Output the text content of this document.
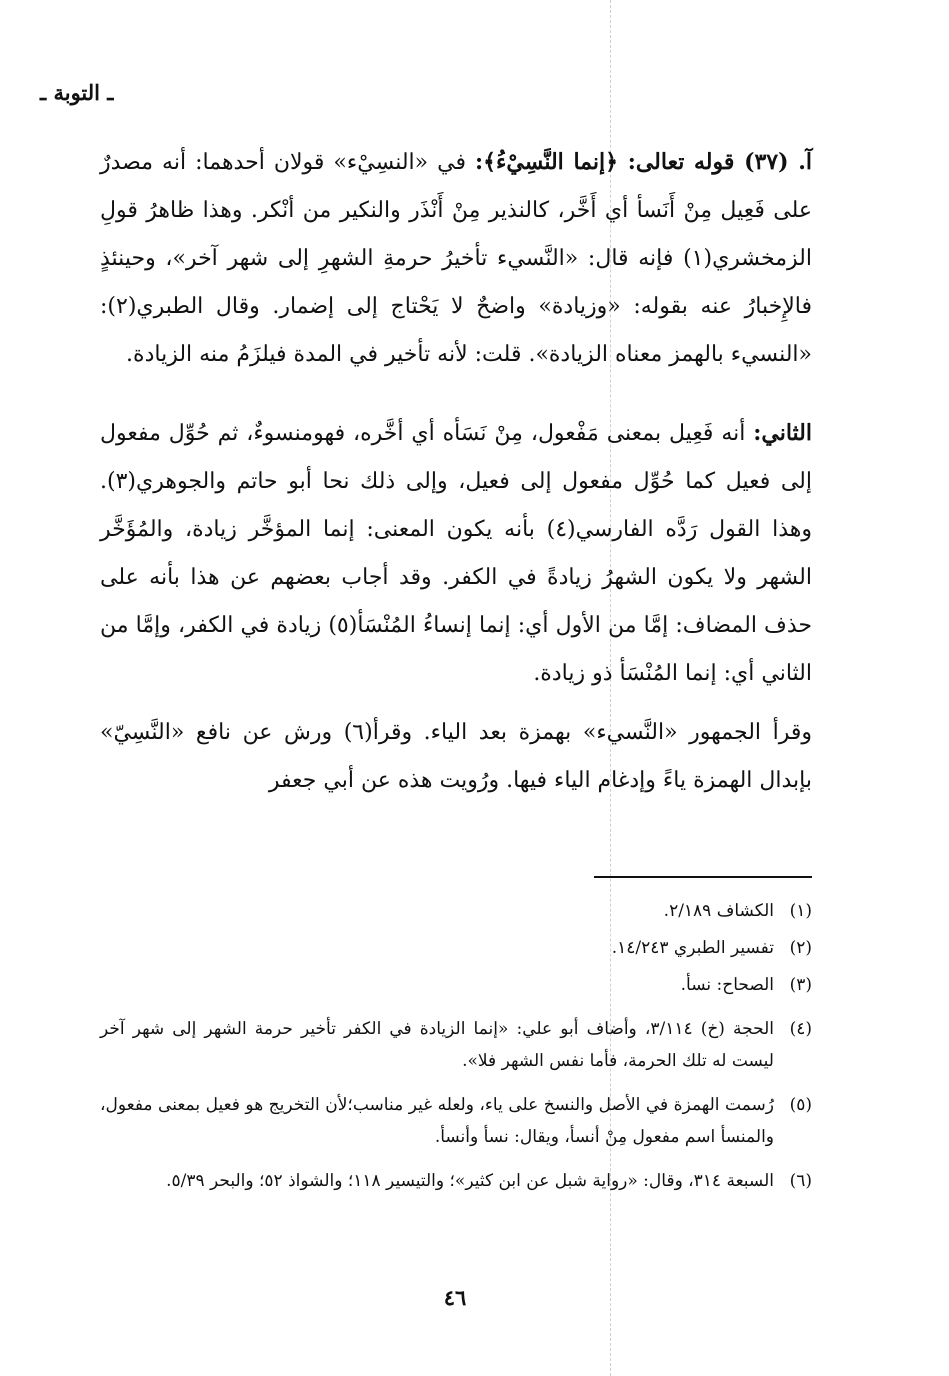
ـ التوبة ـ

آ. (٣٧) قوله تعالى: ﴿إنما النَّسِيْءُ﴾: في «النسِيْء» قولان أحدهما: أنه مصدرٌ على فَعِيل مِنْ أَنَسأ أي أَخَّر، كالنذير مِنْ أَنْذَر والنكير من أنْكر. وهذا ظاهرُ قولِ الزمخشري(١) فإنه قال: «النَّسيء تأخيرُ حرمةِ الشهرِ إلى شهر آخر»، وحينئذٍ فالإِخبارُ عنه بقوله: «وزيادة» واضحٌ لا يَحْتاج إلى إضمار. وقال الطبري(٢): «النسيء بالهمز معناه الزيادة». قلت: لأنه تأخير في المدة فيلزَمُ منه الزيادة.

الثاني: أنه فَعِيل بمعنى مَفْعول، مِنْ نَسَأه أي أخَّره، فهومنسوءٌ، ثم حُوِّل مفعول إلى فعيل كما حُوِّل مفعول إلى فعيل، وإلى ذلك نحا أبو حاتم والجوهري(٣). وهذا القول رَدَّه الفارسي(٤) بأنه يكون المعنى: إنما المؤخَّر زيادة، والمُؤَخَّر الشهر ولا يكون الشهرُ زيادةً في الكفر. وقد أجاب بعضهم عن هذا بأنه على حذف المضاف: إمَّا من الأول أي: إنما إنساءُ المُنْسَأ(٥) زيادة في الكفر، وإمَّا من الثاني أي: إنما المُنْسَأ ذو زيادة.

وقرأ الجمهور «النَّسيء» بهمزة بعد الياء. وقرأ(٦) ورش عن نافع «النَّسِيّ» بإبدال الهمزة ياءً وإدغام الياء فيها. ورُويت هذه عن أبي جعفر

(١)
الكشاف ٢/١٨٩.
(٢)
تفسير الطبري ١٤/٢٤٣.
(٣)
الصحاح: نسأ.
(٤)
الحجة (خ) ٣/١١٤، وأضاف أبو علي: «إنما الزيادة في الكفر تأخير حرمة الشهر إلى شهر آخر ليست له تلك الحرمة، فأما نفس الشهر فلا».
(٥)
رُسمت الهمزة في الأصل والنسخ على ياء، ولعله غير مناسب؛لأن التخريج هو فعيل بمعنى مفعول، والمنسأ اسم مفعول مِنْ أنسأ، ويقال: نسأ وأنسأ.
(٦)
السبعة ٣١٤، وقال: «رواية شبل عن ابن كثير»؛ والتيسير ١١٨؛ والشواذ ٥٢؛ والبحر ٥/٣٩.
٤٦
